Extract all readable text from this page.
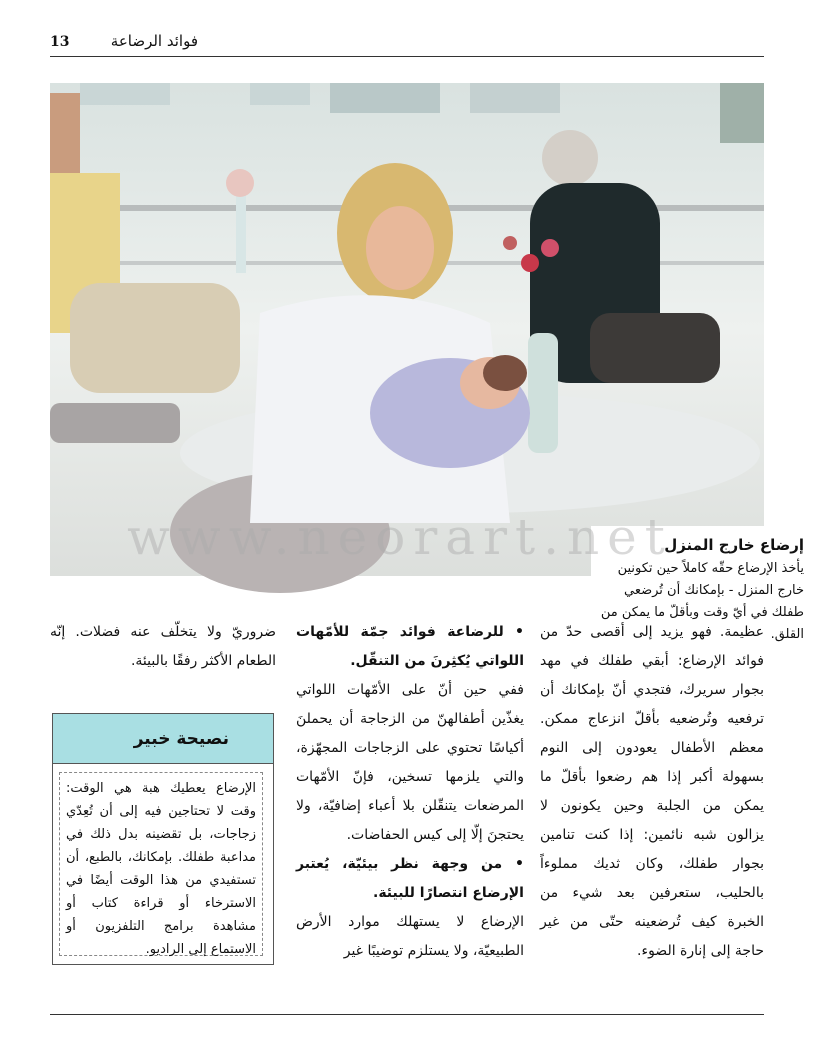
13	فوائد الرضاعة
إرضاع خارج المنزل
يأخذ الإرضاع حقّه كاملاً حين تكونين خارج المنزل - بإمكانك أن تُرضعي طفلك في أيّ وقت وبأقلّ ما يمكن من القلق.
www.neorart.net

عظيمة. فهو يزيد إلى أقصى حدّ من فوائد الإرضاع: أبقي طفلك في مهد بجوار سريرك، فتجدي أنّ بإمكانك أن ترفعيه وتُرضعيه بأقلّ انزعاج ممكن. معظم الأطفال يعودون إلى النوم بسهولة أكبر إذا هم رضعوا بأقلّ ما يمكن من الجلبة وحين يكونون لا يزالون شبه نائمين: إذا كنت تنامين بجوار طفلك، وكان ثديك مملوءاً بالحليب، ستعرفين بعد شيء من الخبرة كيف تُرضعينه حتّى من غير حاجة إلى إنارة الضوء.

• للرضاعة فوائد جمّة للأمّهات اللواتي يُكثِرنَ من التنقّل.

ففي حين أنّ على الأمّهات اللواتي يغذّين أطفالهنّ من الزجاجة أن يحملنَ أكياسًا تحتوي على الزجاجات المجهّزة، والتي يلزمها تسخين، فإنّ الأمّهات المرضعات يتنقّلن بلا أعباء إضافيّة، ولا يحتجنَ إلّا إلى كيس الحفاضات.

• من وجهة نظر بيئيّة، يُعتبر الإرضاع انتصارًا للبيئة.

الإرضاع لا يستهلك موارد الأرض الطبيعيّة، ولا يستلزم توضيبًا غير

ضروريّ ولا يتخلّف عنه فضلات. إنّه الطعام الأكثر رفقًا بالبيئة.

نصيحة خبير
الإرضاع يعطيك هبة هي الوقت: وقت لا تحتاجين فيه إلى أن تُعِدّي زجاجات، بل تقضينه بدل ذلك في مداعبة طفلك. بإمكانك، بالطبع، أن تستفيدي من هذا الوقت أيضًا في الاسترخاء أو قراءة كتاب أو مشاهدة برامج التلفزيون أو الاستماع إلى الراديو.
